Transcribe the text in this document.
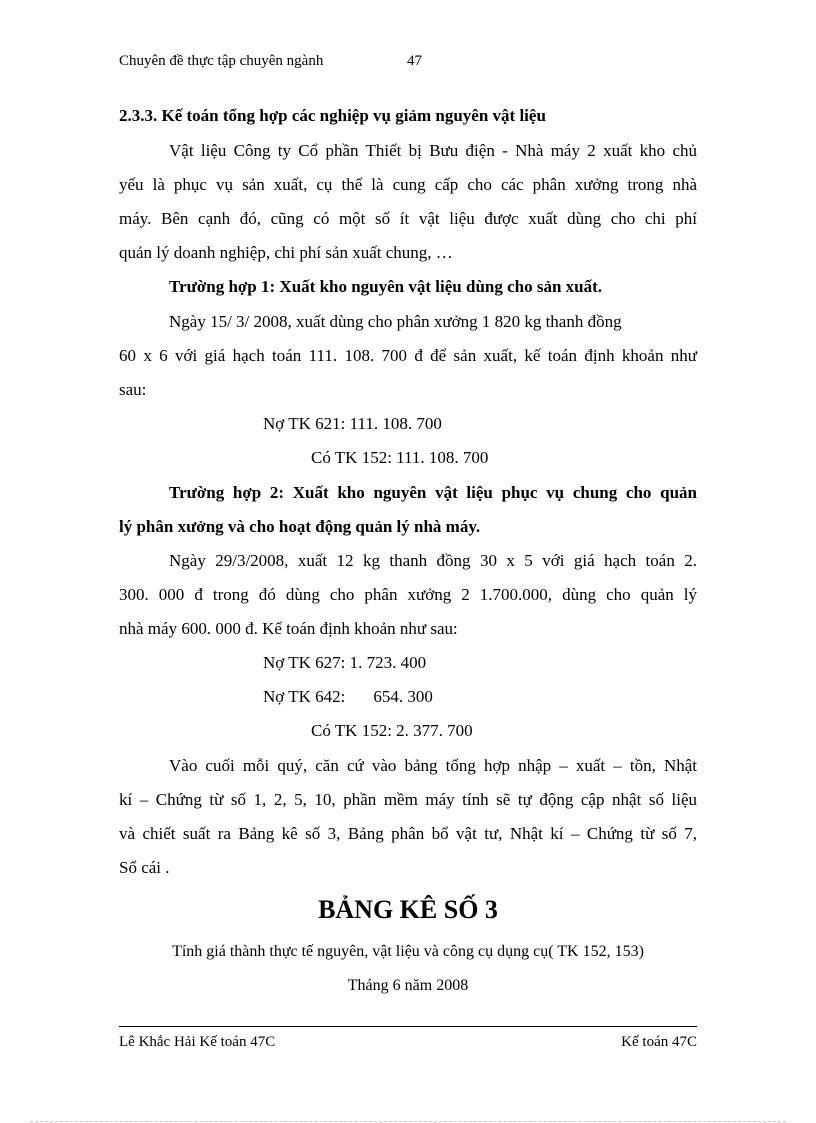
Chuyên đề thực tập chuyên ngành	47
2.3.3. Kế toán tổng hợp các nghiệp vụ giảm nguyên vật liệu
Vật liệu Công ty Cổ phần Thiết bị Bưu điện - Nhà máy 2 xuất kho chủ
yếu là phục vụ sản xuất, cụ thể là cung cấp cho các phân xưởng trong nhà
máy. Bên cạnh đó, cũng có một số ít vật liệu được xuất dùng cho chi phí
quản lý doanh nghiệp, chi phí sản xuất chung, …
Trường hợp 1: Xuất kho nguyên vật liệu dùng cho sản xuất.
Ngày 15/ 3/ 2008, xuất dùng cho phân xưởng 1 820 kg thanh đồng
60 x 6 với giá hạch toán 111. 108. 700 đ để sản xuất, kế toán định khoản như
sau:
Nợ TK 621: 111. 108. 700
Có TK 152: 111. 108. 700
Trường hợp 2: Xuất kho nguyên vật liệu phục vụ chung cho quản
lý phân xưởng và cho hoạt động quản lý nhà máy.
Ngày 29/3/2008, xuất 12 kg thanh đồng 30 x 5 với giá hạch toán 2.
300. 000 đ trong đó dùng cho phân xưởng 2 1.700.000, dùng cho quản lý
nhà máy 600. 000 đ. Kế toán định khoản như sau:
Nợ TK 627: 1. 723. 400
Nợ TK 642: 654. 300
Có TK 152: 2. 377. 700
Vào cuối mỗi quý, căn cứ vào bảng tổng hợp nhập – xuất – tồn, Nhật
kí – Chứng từ số 1, 2, 5, 10, phần mềm máy tính sẽ tự động cập nhật số liệu
và chiết suất ra Bảng kê số 3, Bảng phân bổ vật tư, Nhật kí – Chứng từ số 7,
Sổ cái .
BẢNG KÊ SỐ 3
Tính giá thành thực tế nguyên, vật liệu và công cụ dụng cụ( TK 152, 153)
Tháng 6 năm 2008
Lê Khắc Hải Kế toán 47C	Kế toán 47C
